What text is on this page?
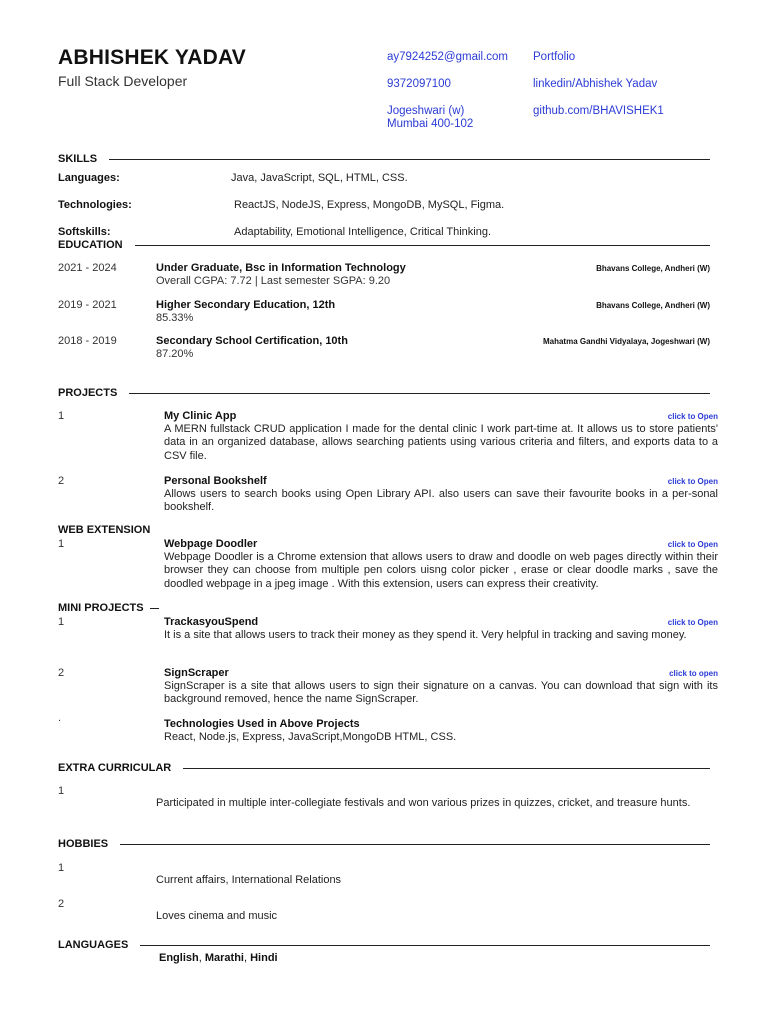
ABHISHEK YADAV
Full Stack Developer
ay7924252@gmail.com
9372097100
Jogeshwari (w)
Mumbai 400-102
Portfolio
linkedin/Abhishek Yadav
github.com/BHAVISHEK1
SKILLS
Languages:	Java, JavaScript, SQL, HTML, CSS.
Technologies:	ReactJS, NodeJS, Express, MongoDB, MySQL, Figma.
Softskills:	Adaptability, Emotional Intelligence, Critical Thinking.
EDUCATION
2021 - 2024	Under Graduate, Bsc in Information Technology
Overall CGPA: 7.72 | Last semester SGPA: 9.20
Bhavans College, Andheri (W)
2019 - 2021	Higher Secondary Education, 12th
85.33%
Bhavans College, Andheri (W)
2018 - 2019	Secondary School Certification, 10th
87.20%
Mahatma Gandhi Vidyalaya, Jogeshwari (W)
PROJECTS
1	My Clinic App	click to Open
A MERN fullstack CRUD application I made for the dental clinic I work part-time at. It allows us to store patients' data in an organized database, allows searching patients using various criteria and filters, and exports data to a CSV file.
2	Personal Bookshelf	click to Open
Allows users to search books using Open Library API. also users can save their favourite books in a per-sonal bookshelf.
WEB EXTENSION
1	Webpage Doodler	click to Open
Webpage Doodler is a Chrome extension that allows users to draw and doodle on web pages directly within their browser they can choose from multiple pen colors uisng color picker , erase or clear doodle marks , save the doodled webpage in a jpeg image . With this extension, users can express their creativity.
MINI PROJECTS
1	TrackasyouSpend	click to Open
It is a site that allows users to track their money as they spend it. Very helpful in tracking and saving money.
2	SignScraper	click to open
SignScraper is a site that allows users to sign their signature on a canvas. You can download that sign with its background removed, hence the name SignScraper.
.	Technologies Used in Above Projects
React, Node.js, Express, JavaScript,MongoDB HTML, CSS.
EXTRA CURRICULAR
1
Participated in multiple inter-collegiate festivals and won various prizes in quizzes, cricket, and treasure hunts.
HOBBIES
1
Current affairs, International Relations
2
Loves cinema and music
LANGUAGES
English, Marathi, Hindi
